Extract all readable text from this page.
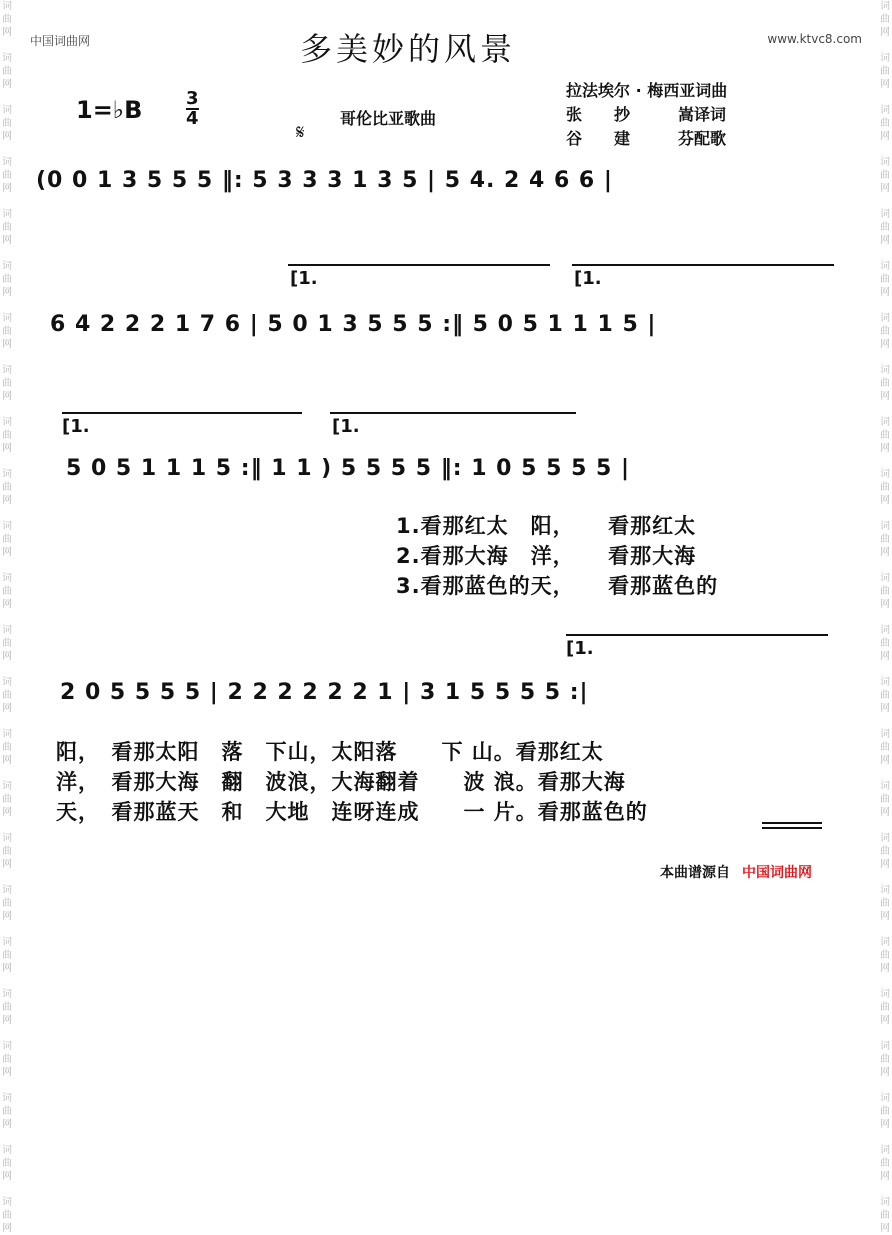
词
曲
网

词
曲
网

词
曲
网

词
曲
网

词
曲
网

词
曲
网

词
曲
网

词
曲
网

词
曲
网

词
曲
网

词
曲
网

词
曲
网

词
曲
网

词
曲
网

词
曲
网

词
曲
网

词
曲
网

词
曲
网

词
曲
网

词
曲
网

词
曲
网

词
曲
网

词
曲
网

词
曲
网
词
曲
网

词
曲
网

词
曲
网

词
曲
网

词
曲
网

词
曲
网

词
曲
网

词
曲
网

词
曲
网

词
曲
网

词
曲
网

词
曲
网

词
曲
网

词
曲
网

词
曲
网

词
曲
网

词
曲
网

词
曲
网

词
曲
网

词
曲
网

词
曲
网

词
曲
网

词
曲
网

词
曲
网
中国词曲网	www.ktvc8.com
多美妙的风景
1=♭B 3
4	哥伦比亚歌曲
拉法埃尔 · 梅西亚词曲
张　　抄　　　嵩译词
谷　　建　　　芬配歌
𝄋
(0 0 1 3 5 5 5 ‖: 5 3 3 3 1 3 5 | 5 4. 2 4 6 6 |
[1.	[1.
6 4 2 2 2 1 7 6 | 5 0 1 3 5 5 5 :‖ 5 0 5 1 1 1 5 |
[1.	[1.
5 0 5 1 1 1 5 :‖ 1 1 ) 5 5 5 5 ‖: 1 0 5 5 5 5 |
1.看那红太　阳，　　看那红太
2.看那大海　洋，　　看那大海
3.看那蓝色的天，　　看那蓝色的
[1.
2 0 5 5 5 5 | 2 2 2 2 2 2 1 | 3 1 5 5 5 5 :|
阳，　看那太阳　落　下山，太阳落　　下 山。看那红太
洋，　看那大海　翻　波浪，大海翻着　　波 浪。看那大海
天，　看那蓝天　和　大地　连呀连成　　一 片。看那蓝色的
本曲谱源自 中国词曲网
